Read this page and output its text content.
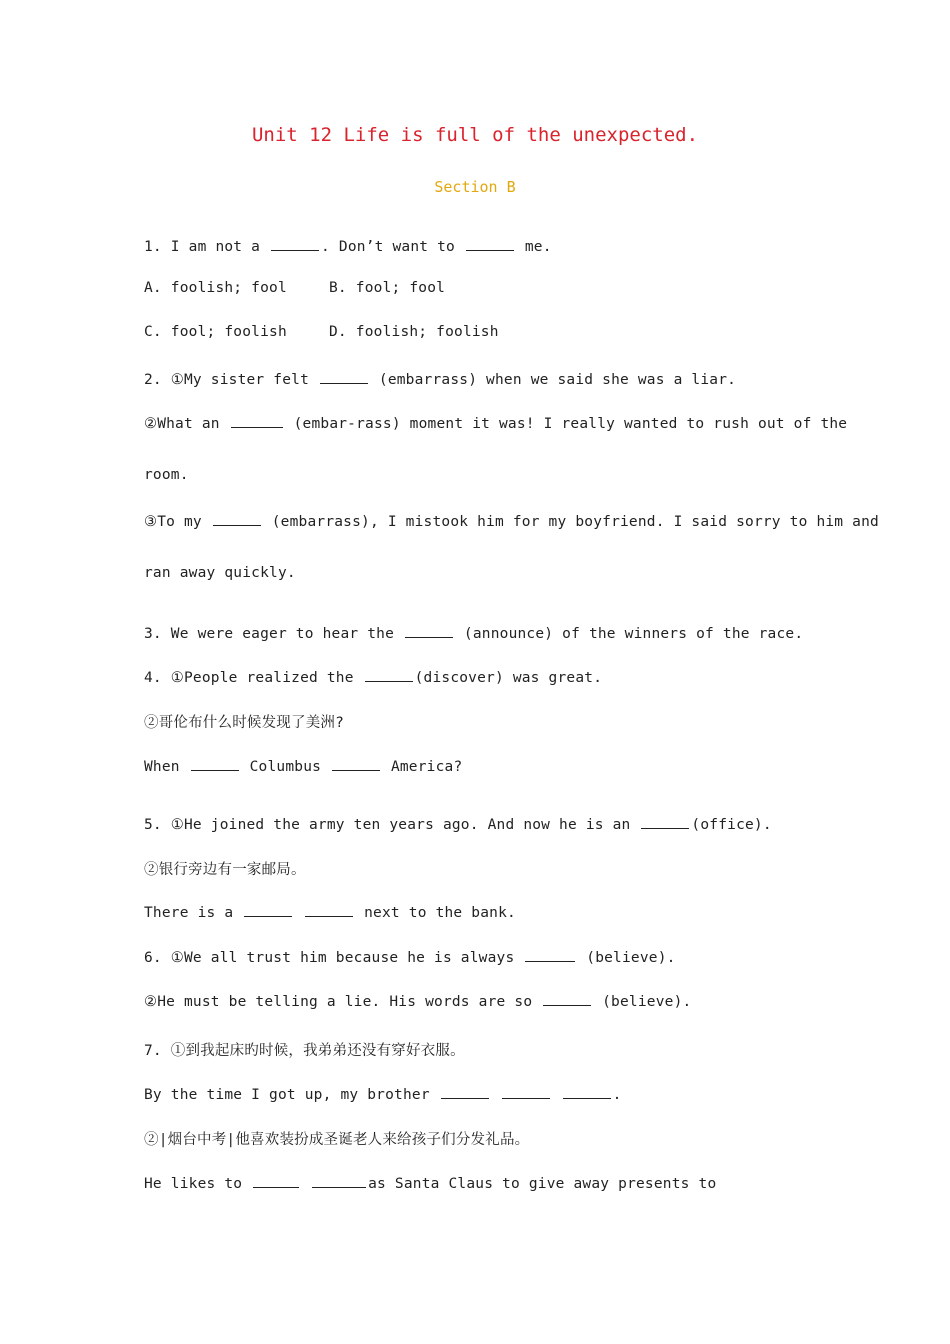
Unit 12 Life is full of the unexpected.
Section B
1. I am not a	. Don’t want to	me.
A. foolish; fool	B. fool; fool
C. fool; foolish	D. foolish; foolish
2. ①My sister felt	(embarrass) when we said she was a liar.
②What an	(embar-rass) moment it was! I really wanted to rush out of the
room.
③To my	(embarrass), I mistook him for my boyfriend. I said sorry to him and
ran away quickly.
3. We were eager to hear the	(announce) of the winners of the race.
4. ①People realized the	(discover) was great.
②哥伦布什么时候发现了美洲?
When	Columbus	America?
5. ①He joined the army ten years ago. And now he is an	(office).
②银行旁边有一家邮局。
There is a	next to the bank.
6. ①We all trust him because he is always	(believe).
②He must be telling a lie. His words are so	(believe).
7. ①到我起床旳时候，我弟弟还没有穿好衣服。
By the time I got up, my brother	.
②|烟台中考|他喜欢装扮成圣诞老人来给孩子们分发礼品。
He likes to	as Santa Claus to give away presents to
